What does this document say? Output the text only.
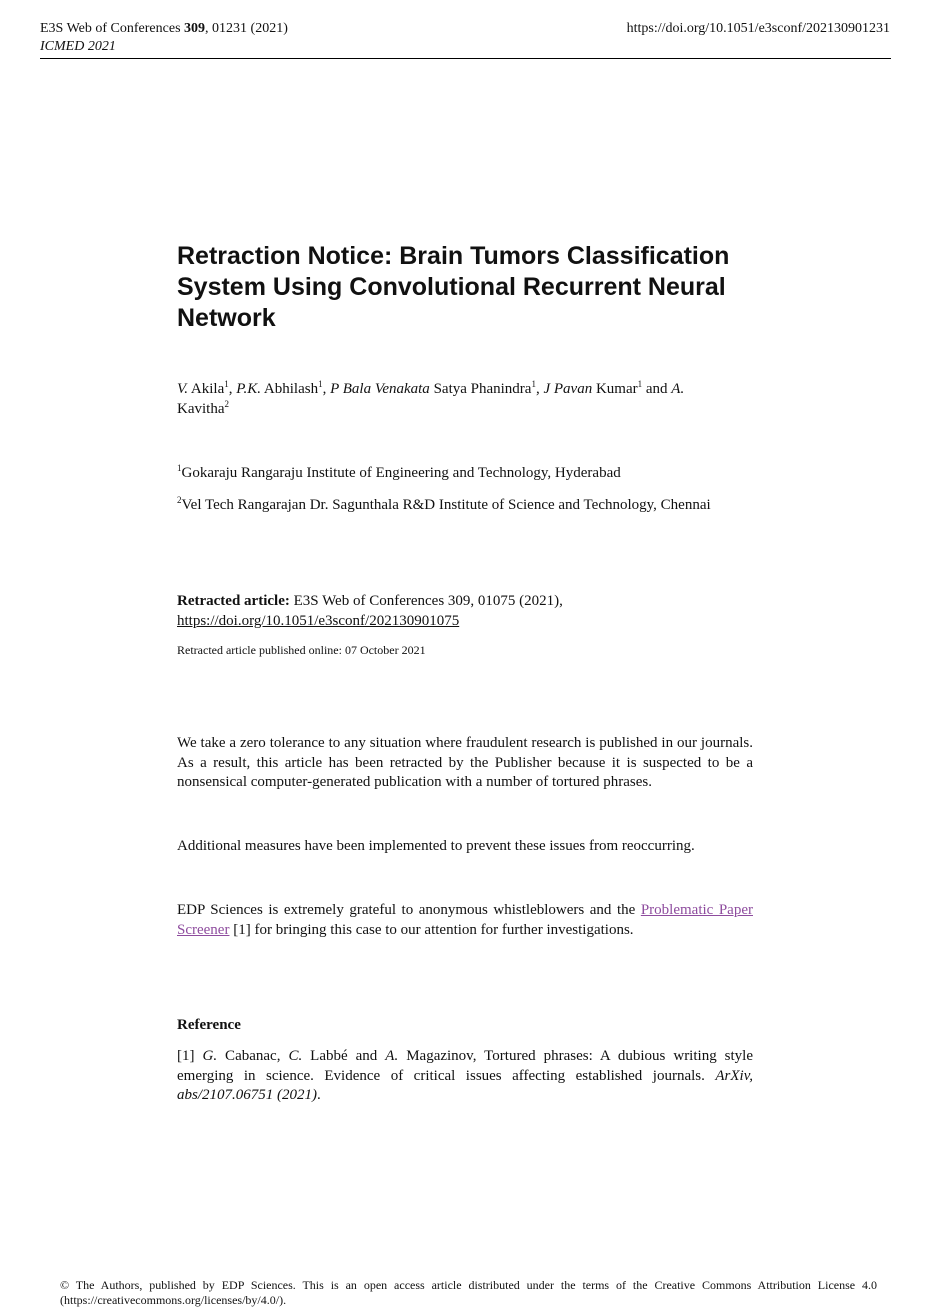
E3S Web of Conferences 309, 01231 (2021)	https://doi.org/10.1051/e3sconf/202130901231
ICMED 2021
Retraction Notice: Brain Tumors Classification System Using Convolutional Recurrent Neural Network
V. Akila$^1$, P.K. Abhilash$^1$, P Bala Venakata Satya Phanindra$^1$, J Pavan Kumar$^1$ and A.
Kavitha$^2$
$^1$Gokaraju Rangaraju Institute of Engineering and Technology, Hyderabad
$^2$Vel Tech Rangarajan Dr. Sagunthala R&D Institute of Science and Technology, Chennai
Retracted article: E3S Web of Conferences 309, 01075 (2021),
https://doi.org/10.1051/e3sconf/202130901075
Retracted article published online: 07 October 2021
We take a zero tolerance to any situation where fraudulent research is published in our journals. As a result, this article has been retracted by the Publisher because it is suspected to be a nonsensical computer-generated publication with a number of tortured phrases.
Additional measures have been implemented to prevent these issues from reoccurring.
EDP Sciences is extremely grateful to anonymous whistleblowers and the Problematic Paper Screener [1] for bringing this case to our attention for further investigations.
Reference
[1] G. Cabanac, C. Labbé and A. Magazinov, Tortured phrases: A dubious writing style emerging in science. Evidence of critical issues affecting established journals. ArXiv, abs/2107.06751 (2021).
© The Authors, published by EDP Sciences. This is an open access article distributed under the terms of the Creative Commons Attribution License 4.0 (https://creativecommons.org/licenses/by/4.0/).
